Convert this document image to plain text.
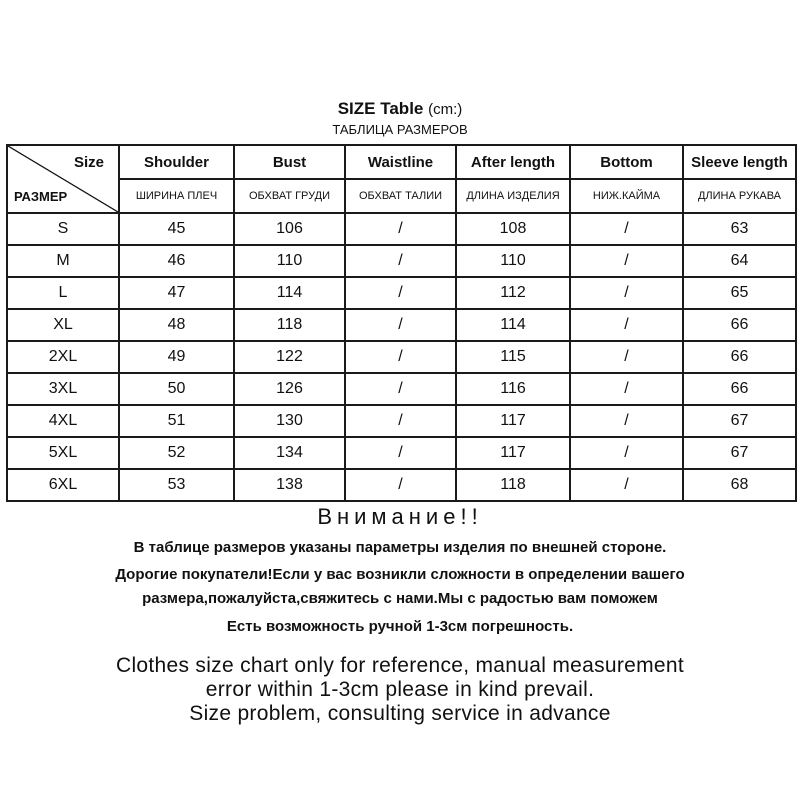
SIZE Table (cm:)
ТАБЛИЦА РАЗМЕРОВ
Size
РАЗМЕР	Shoulder	Bust	Waistline	After length	Bottom	Sleeve length
	ШИРИНА ПЛЕЧ	ОБХВАТ ГРУДИ	ОБХВАТ ТАЛИИ	ДЛИНА ИЗДЕЛИЯ	НИЖ.КАЙМА	ДЛИНА РУКАВА
S	45	106	/	108	/	63
M	46	110	/	110	/	64
L	47	114	/	112	/	65
XL	48	118	/	114	/	66
2XL	49	122	/	115	/	66
3XL	50	126	/	116	/	66
4XL	51	130	/	117	/	67
5XL	52	134	/	117	/	67
6XL	53	138	/	118	/	68
Внимание!!
В таблице размеров указаны параметры изделия по внешней стороне.
Дорогие покупатели!Если у вас возникли сложности в определении вашего
размера,пожалуйста,свяжитесь с нами.Мы с радостью вам поможем
Есть возможность ручной 1-3см погрешность.
Clothes size chart only for reference, manual measurement
error within 1-3cm please in kind prevail.
Size problem, consulting service in advance
